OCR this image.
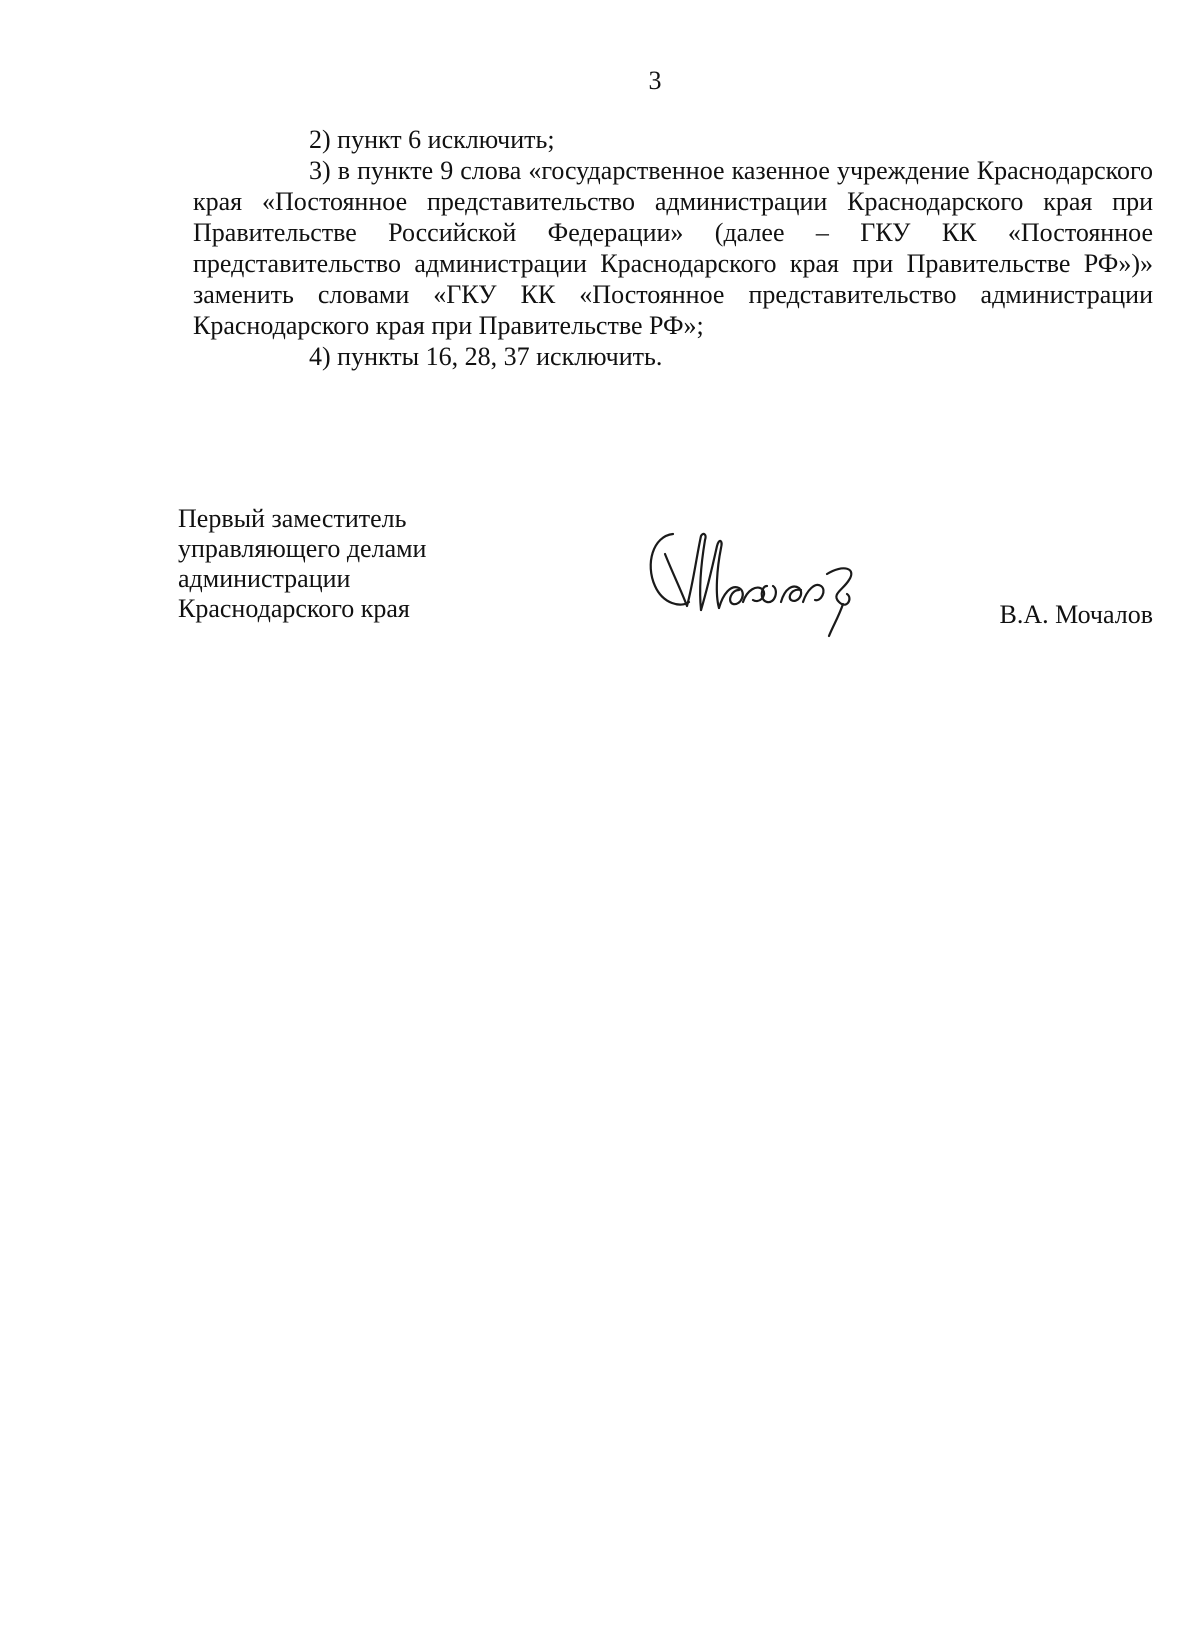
3

2) пункт 6 исключить;

3) в пункте 9 слова «государственное казенное учреждение Краснодарского края «Постоянное представительство администрации Краснодарского края при Правительстве Российской Федерации» (далее – ГКУ КК «Постоянное представительство администрации Краснодарского края при Правительстве РФ»)» заменить словами «ГКУ КК «Постоянное представительство администрации Краснодарского края при Правительстве РФ»;

4) пункты 16, 28, 37 исключить.

Первый заместитель
управляющего делами
администрации
Краснодарского края	В.А. Мочалов
